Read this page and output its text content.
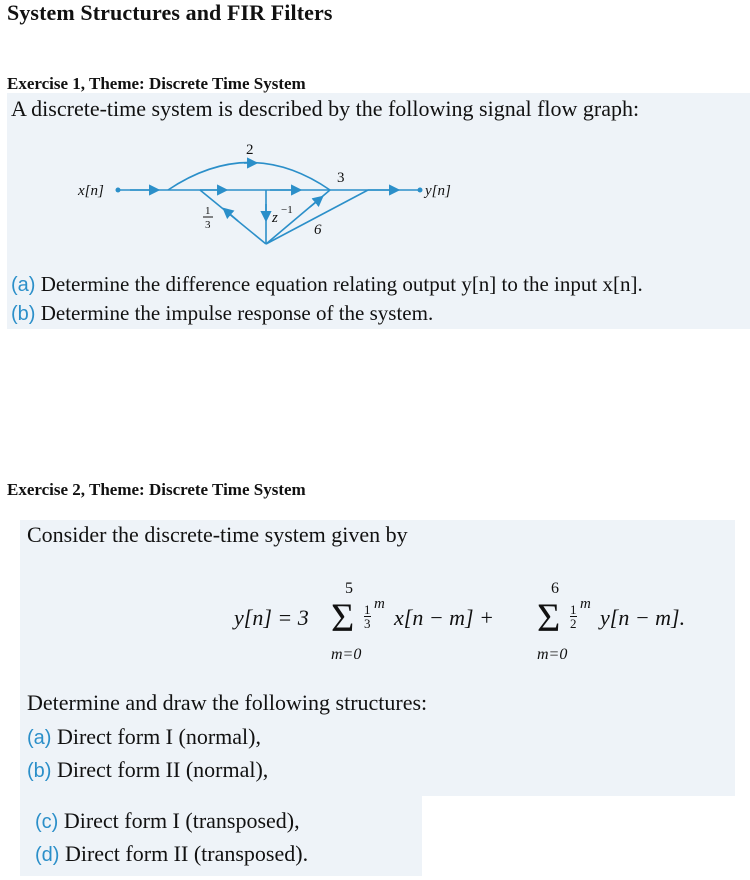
System Structures and FIR Filters
Exercise 1, Theme: Discrete Time System
A discrete-time system is described by the following signal flow graph:
x[n]	y[n]
2
3
1
3	z −1
6
(a) Determine the difference equation relating output y[n] to the input x[n].
(b) Determine the impulse response of the system.
Exercise 2, Theme: Discrete Time System
Consider the discrete-time system given by
y[n] = 3
5
Σ
m=0
$\frac{1}{3}$ m
x[n − m] +
6
Σ
m=0
$\frac{1}{2}$ m
y[n − m].
Determine and draw the following structures:
(a) Direct form I (normal),
(b) Direct form II (normal),
(c) Direct form I (transposed),
(d) Direct form II (transposed).
